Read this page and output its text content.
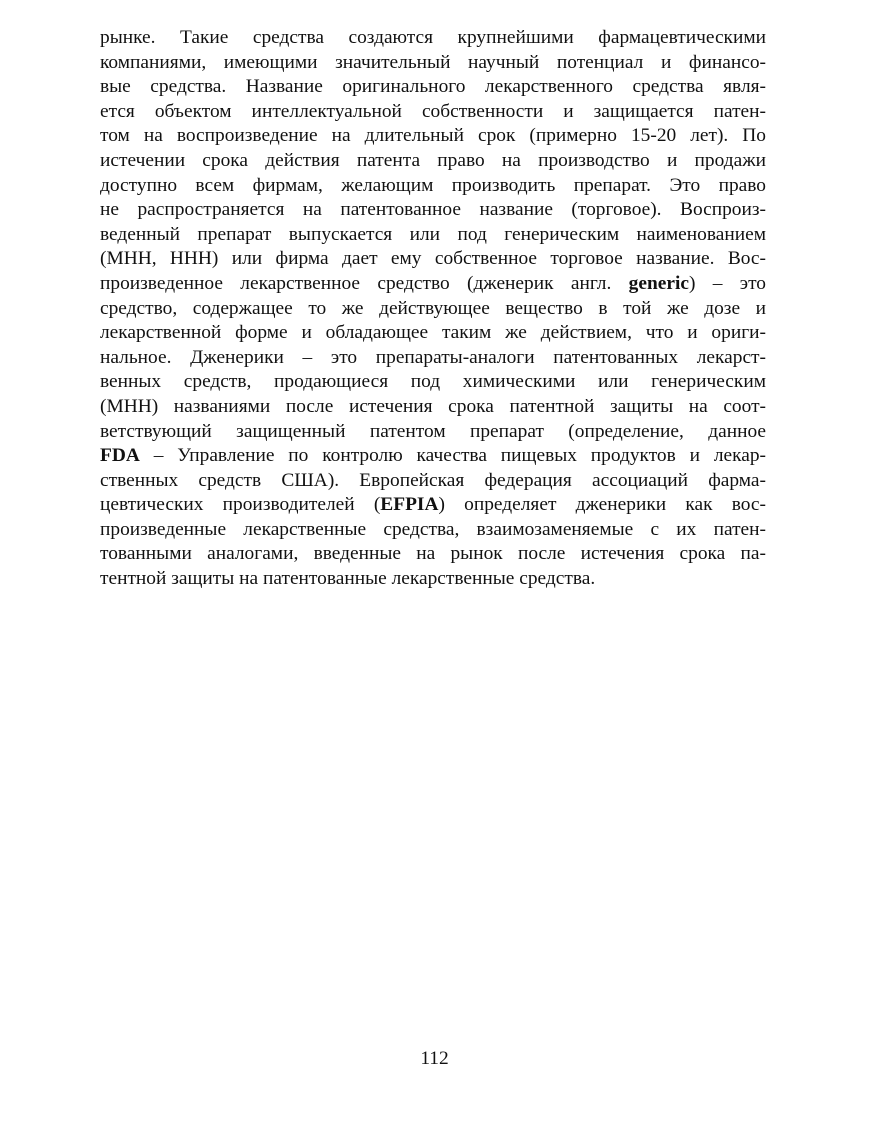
рынке. Такие средства создаются крупнейшими фармацевтическими
компаниями, имеющими значительный научный потенциал и финансо-
вые средства. Название оригинального лекарственного средства явля-
ется объектом интеллектуальной собственности и защищается патен-
том на воспроизведение на длительный срок (примерно 15-20 лет). По
истечении срока действия патента право на производство и продажи
доступно всем фирмам, желающим производить препарат. Это право
не распространяется на патентованное название (торговое). Воспроиз-
веденный препарат выпускается или под генерическим наименованием
(МНН, ННН) или фирма дает ему собственное торговое название. Вос-
произведенное лекарственное средство (дженерик англ. generic) – это
средство, содержащее то же действующее вещество в той же дозе и
лекарственной форме и обладающее таким же действием, что и ориги-
нальное. Дженерики – это препараты-аналоги патентованных лекарст-
венных средств, продающиеся под химическими или генерическим
(МНН) названиями после истечения срока патентной защиты на соот-
ветствующий защищенный патентом препарат (определение, данное
FDA – Управление по контролю качества пищевых продуктов и лекар-
ственных средств США). Европейская федерация ассоциаций фарма-
цевтических производителей (EFPIA) определяет дженерики как вос-
произведенные лекарственные средства, взаимозаменяемые с их патен-
тованными аналогами, введенные на рынок после истечения срока па-
тентной защиты на патентованные лекарственные средства.
112
